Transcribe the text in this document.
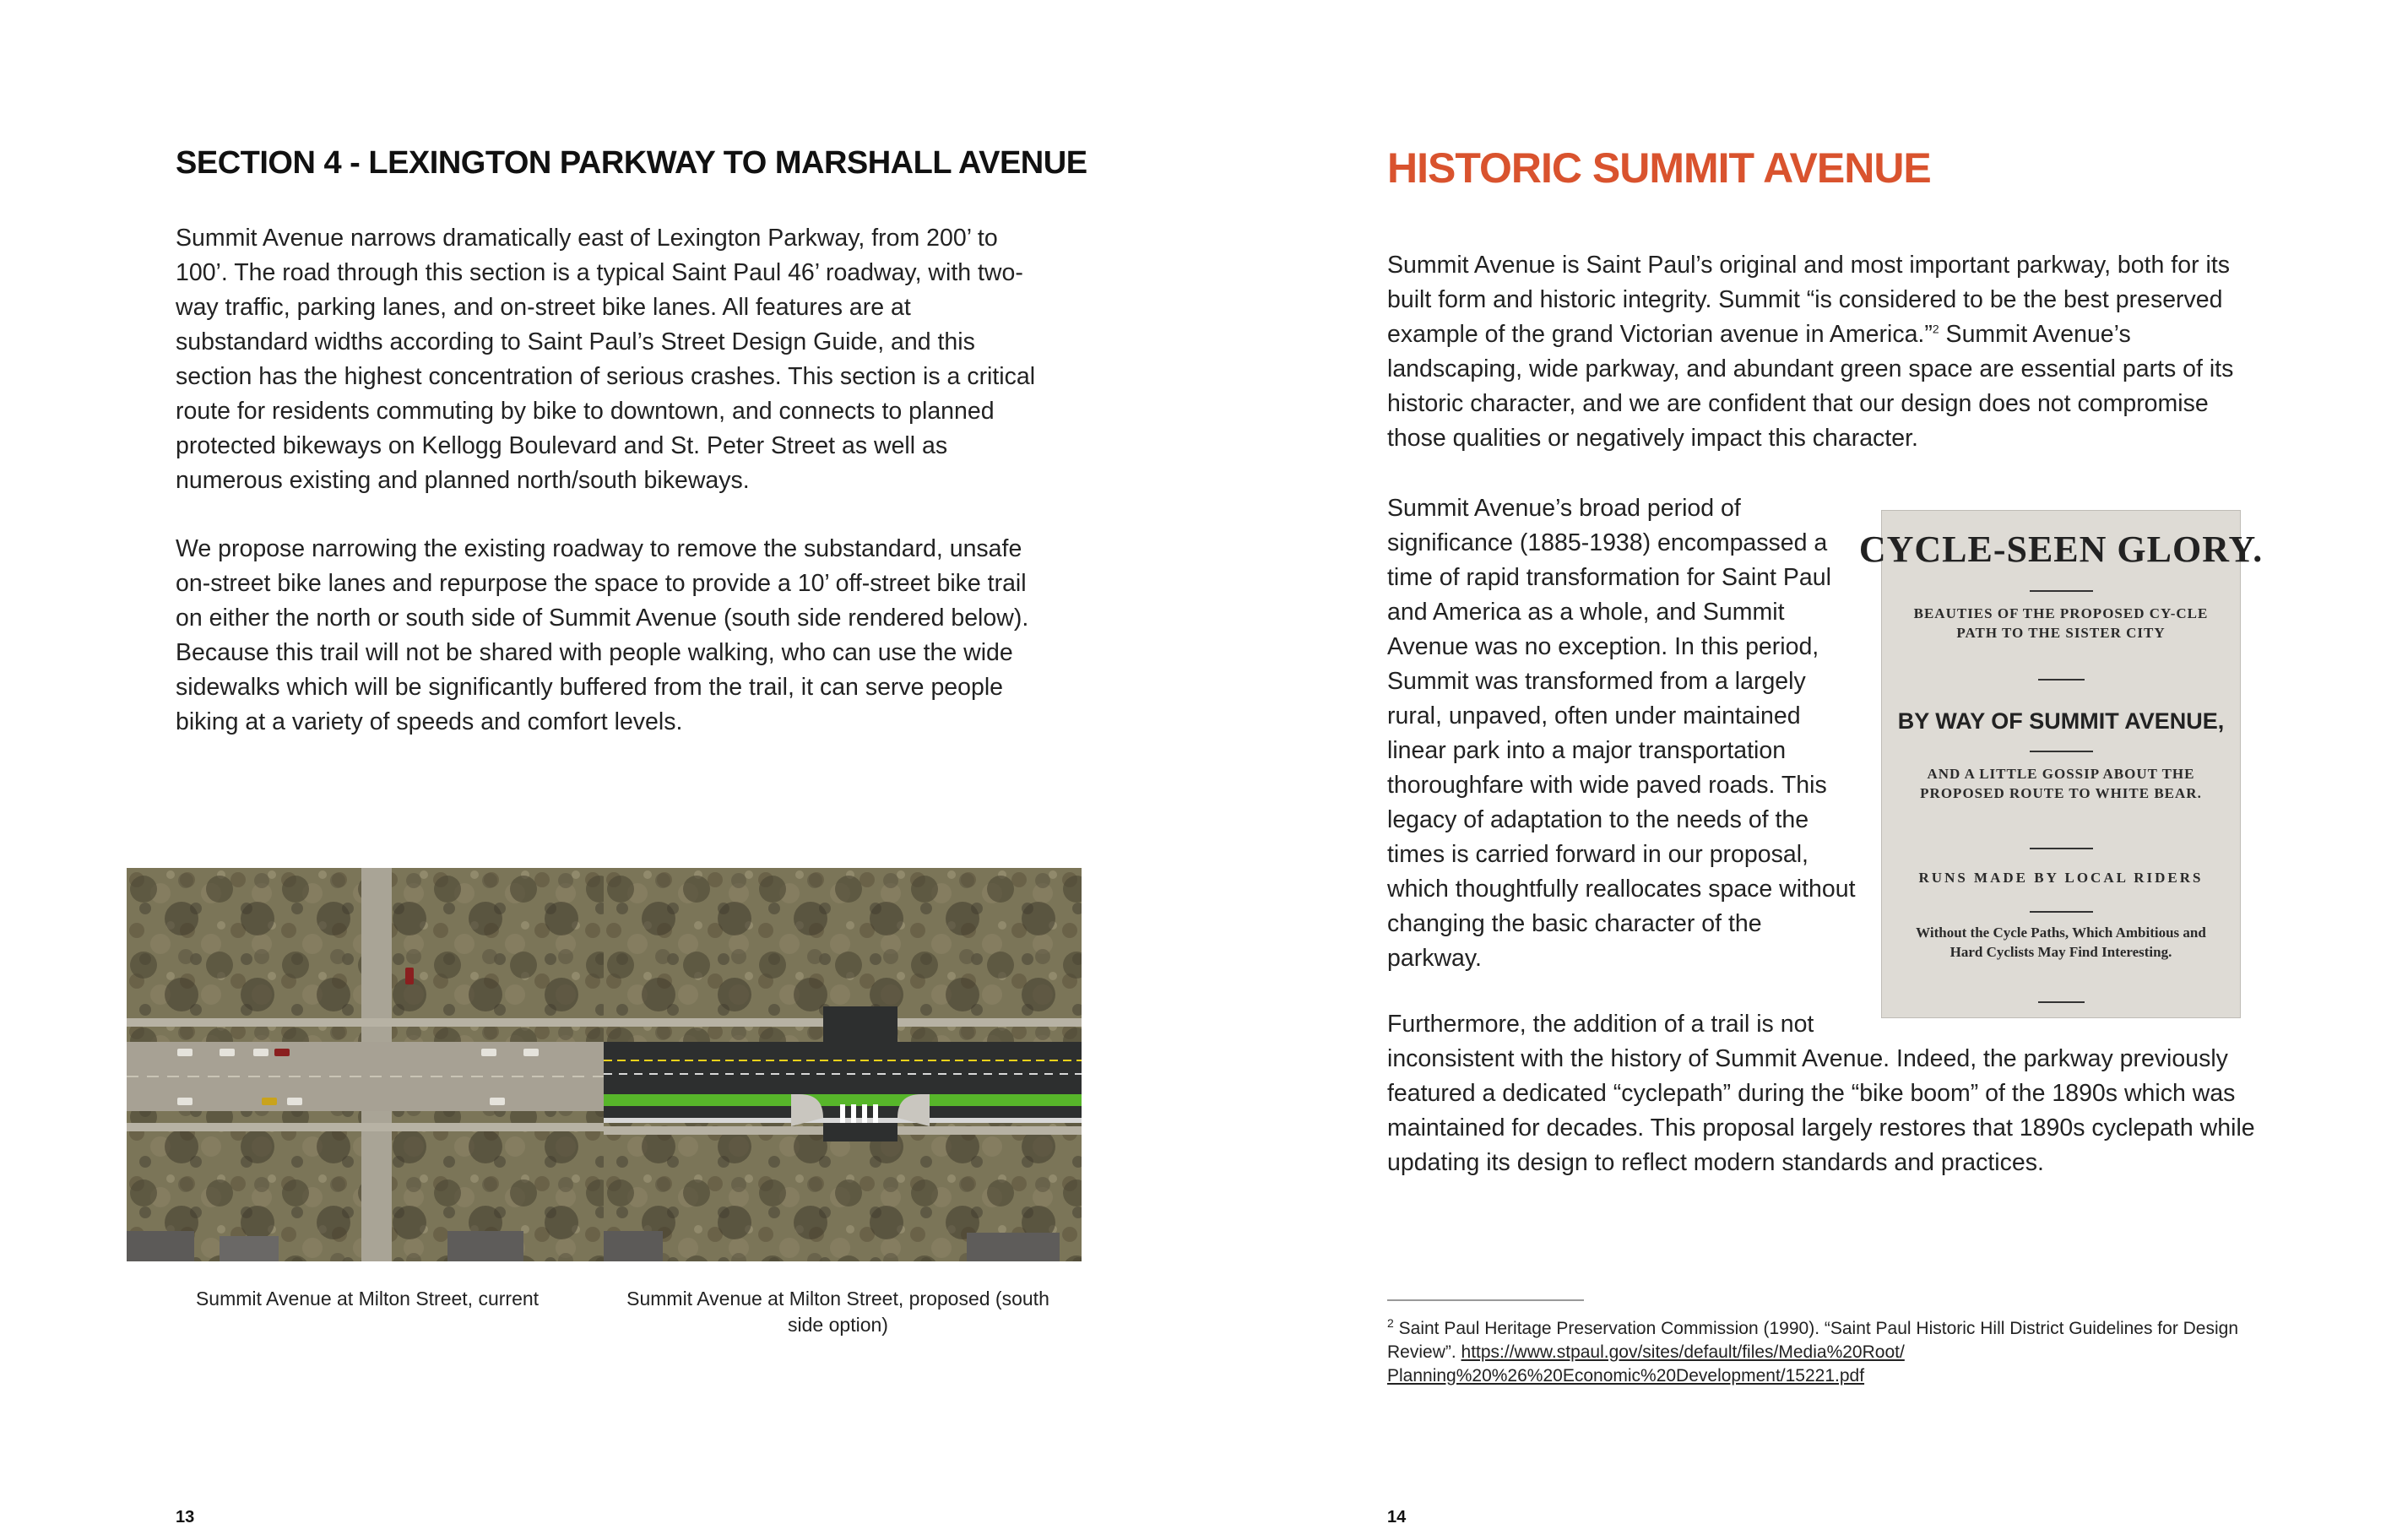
SECTION 4 - LEXINGTON PARKWAY TO MARSHALL AVENUE

Summit Avenue narrows dramatically east of Lexington Parkway, from 200’ to 100’. The road through this section is a typical Saint Paul 46’ roadway, with two-way traffic, parking lanes, and on-street bike lanes. All features are at substandard widths according to Saint Paul’s Street Design Guide, and this section has the highest concentration of serious crashes. This section is a critical route for residents commuting by bike to downtown, and connects to planned protected bikeways on Kellogg Boulevard and St. Peter Street as well as numerous existing and planned north/south bikeways.

We propose narrowing the existing roadway to remove the substandard, unsafe on-street bike lanes and repurpose the space to provide a 10’ off-street bike trail on either the north or south side of Summit Avenue (south side rendered below). Because this trail will not be shared with people walking, who can use the wide sidewalks which will be significantly buffered from the trail, it can serve people biking at a variety of speeds and comfort levels.

Summit Avenue at Milton Street, current	Summit Avenue at Milton Street, proposed (south side option)

13

HISTORIC SUMMIT AVENUE

Summit Avenue is Saint Paul’s original and most important parkway, both for its built form and historic integrity. Summit “is considered to be the best preserved example of the grand Victorian avenue in America.”$^2$ Summit Avenue’s landscaping, wide parkway, and abundant green space are essential parts of its historic character, and we are confident that our design does not compromise those qualities or negatively impact this character.

Summit Avenue’s broad period of significance (1885-1938) encompassed a time of rapid transformation for Saint Paul and America as a whole, and Summit Avenue was no exception. In this period, Summit was transformed from a largely rural, unpaved, often under maintained linear park into a major transportation thoroughfare with wide paved roads. This legacy of adaptation to the needs of the times is carried forward in our proposal, which thoughtfully reallocates space without changing the basic character of the parkway.

CYCLE-SEEN GLORY.
BEAUTIES OF THE PROPOSED CY-CLE PATH TO THE SISTER CITY
BY WAY OF SUMMIT AVENUE,
AND A LITTLE GOSSIP ABOUT THE PROPOSED ROUTE TO WHITE BEAR.
RUNS MADE BY LOCAL RIDERS
Without the Cycle Paths, Which Ambitious and Hard Cyclists May Find Interesting.

Furthermore, the addition of a trail is not
inconsistent with the history of Summit Avenue. Indeed, the parkway previously featured a dedicated “cyclepath” during the “bike boom” of the 1890s which was maintained for decades. This proposal largely restores that 1890s cyclepath while updating its design to reflect modern standards and practices.

$^2$ Saint Paul Heritage Preservation Commission (1990). “Saint Paul Historic Hill District Guidelines for Design Review”. https://www.stpaul.gov/sites/default/files/Media%20Root/
Planning%20%26%20Economic%20Development/15221.pdf

14
